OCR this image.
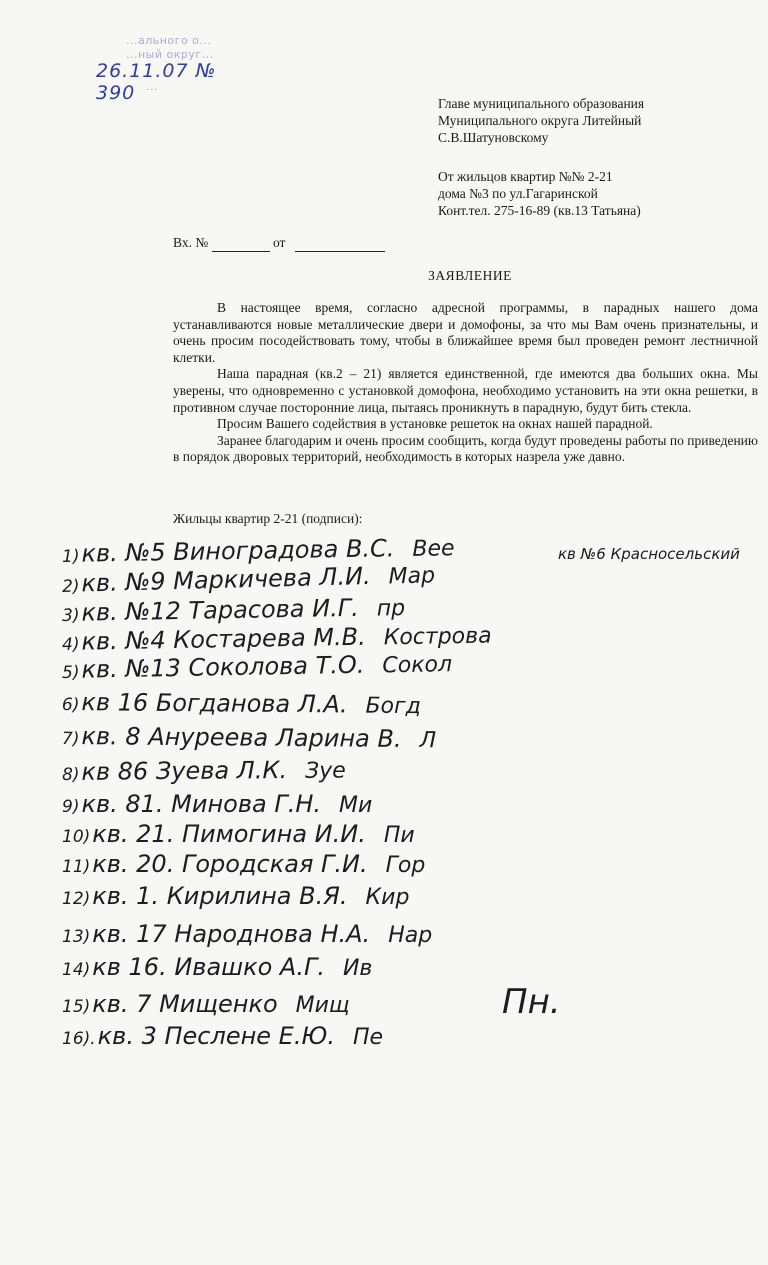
...ального о...
...ный округ...
26.11.07 № 390 ...
Главе муниципального образования
Муниципального округа Литейный
С.В.Шатуновскому
От жильцов квартир №№ 2-21
дома №3 по ул.Гагаринской
Конт.тел. 275-16-89 (кв.13 Татьяна)
Вх. №	от
ЗАЯВЛЕНИЕ

В настоящее время, согласно адресной программы, в парадных нашего дома устанавливаются новые металлические двери и домофоны, за что мы Вам очень признательны, и очень просим посодействовать тому, чтобы в ближайшее время был проведен ремонт лестничной клетки.

Наша парадная (кв.2 – 21) является единственной, где имеются два больших окна. Мы уверены, что одновременно с установкой домофона, необходимо установить на эти окна решетки, в противном случае посторонние лица, пытаясь проникнуть в парадную, будут бить стекла.

Просим Вашего содействия в установке решеток на окнах нашей парадной.

Заранее благодарим и очень просим сообщить, когда будут проведены работы по приведению в порядок дворовых территорий, необходимость в которых назрела уже давно.

Жильцы квартир 2-21 (подписи):
кв №6 Красносельский
1)кв. №5 Виноградова В.С. Вее
2)кв. №9 Маркичева Л.И. Мар
3)кв. №12 Тарасова И.Г. пр
4)кв. №4 Костарева М.В. Кострова
5)кв. №13 Соколова Т.О. Сокол
6)кв 16 Богданова Л.А. Богд
7)кв. 8 Ануреева Ларина В. Л
8)кв 86 Зуева Л.К. Зуе
9)кв. 81. Минова Г.Н. Ми
10)кв. 21. Пимогина И.И. Пи
11)кв. 20. Городская Г.И. Гор
12)кв. 1. Кирилина В.Я. Кир
13)кв. 17 Народнова Н.А. Нар
14)кв 16. Ивашко А.Г. Ив
15)кв. 7 Мищенко Мищ
16).кв. 3 Песлене Е.Ю. Пе
Пн.
